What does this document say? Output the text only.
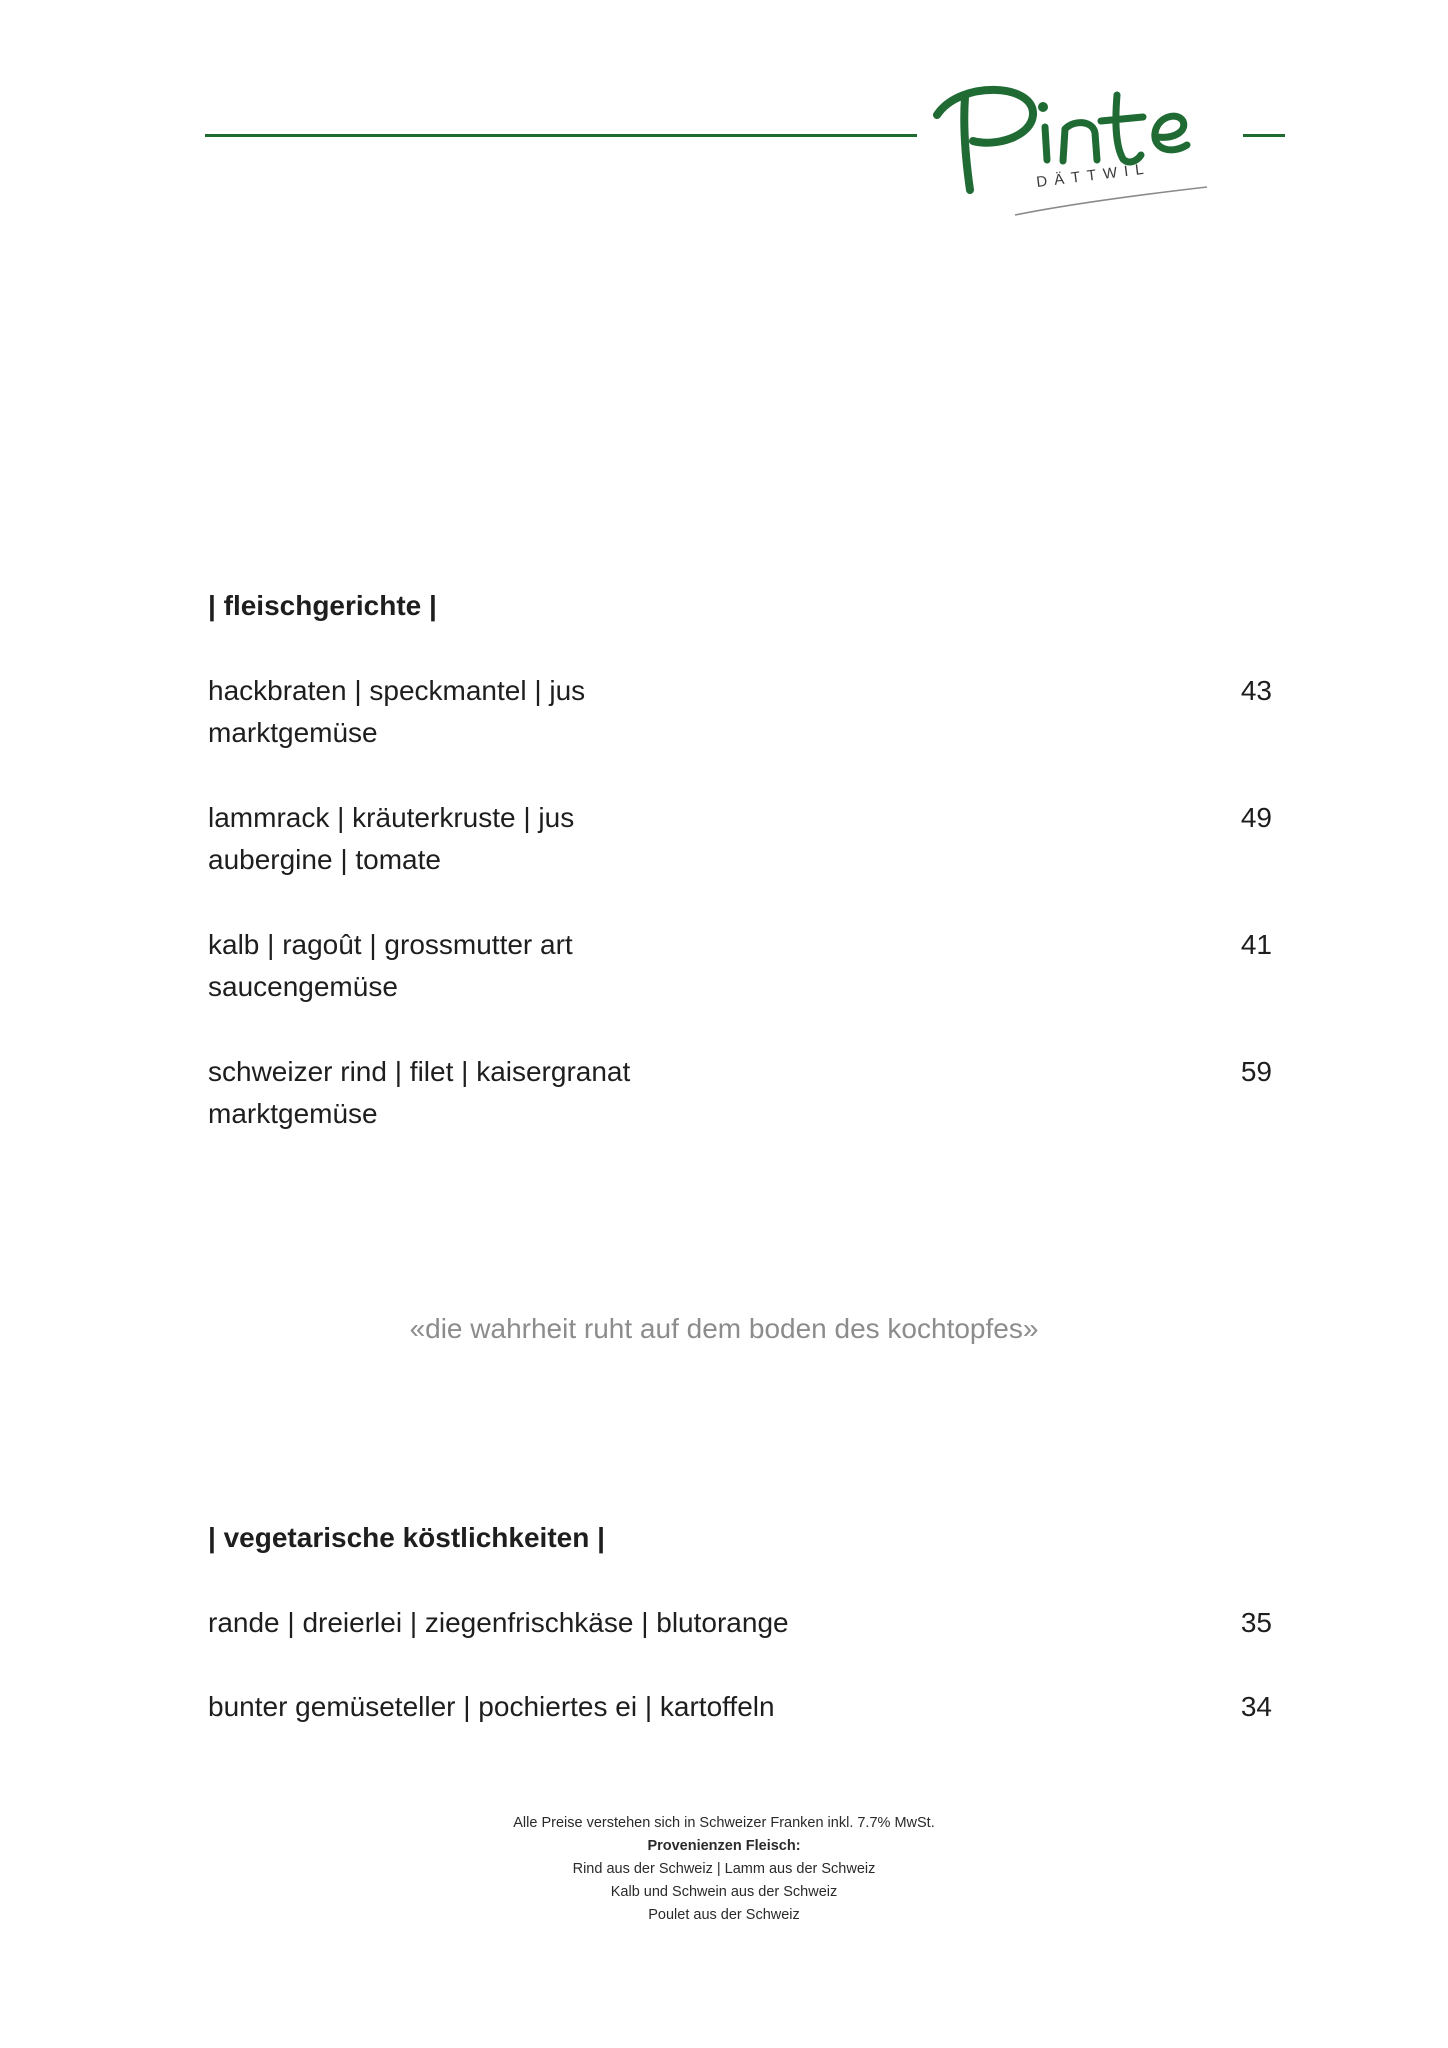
DÄTTWIL
| fleischgerichte |
hackbraten | speckmantel | jus
marktgemüse
43
lammrack | kräuterkruste | jus
aubergine | tomate
49
kalb | ragoût | grossmutter art
saucengemüse
41
schweizer rind | filet | kaisergranat
marktgemüse
59
«die wahrheit ruht auf dem boden des kochtopfes»
| vegetarische köstlichkeiten |
rande | dreierlei | ziegenfrischkäse | blutorange	35
bunter gemüseteller | pochiertes ei | kartoffeln	34
Alle Preise verstehen sich in Schweizer Franken inkl. 7.7% MwSt.
Provenienzen Fleisch:
Rind aus der Schweiz | Lamm aus der Schweiz
Kalb und Schwein aus der Schweiz
Poulet aus der Schweiz
